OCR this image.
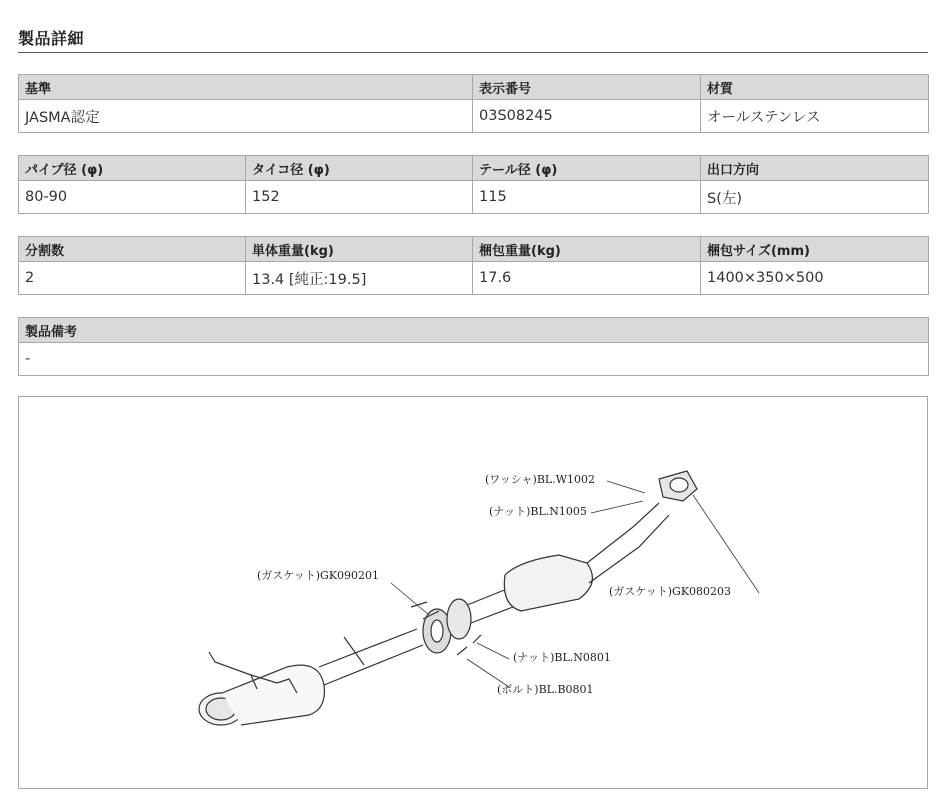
製品詳細
基準	表示番号	材質
JASMA認定	03S08245	オールステンレス
パイプ径 (φ)	タイコ径 (φ)	テール径 (φ)	出口方向
80-90	152	115	S(左)
分割数	単体重量(kg)	梱包重量(kg)	梱包サイズ(mm)
2	13.4 [純正:19.5]	17.6	1400×350×500
製品備考
-
(ワッシャ)BL.W1002
(ナット)BL.N1005
(ガスケット)GK080203
(ガスケット)GK090201
(ナット)BL.N0801
(ボルト)BL.B0801
